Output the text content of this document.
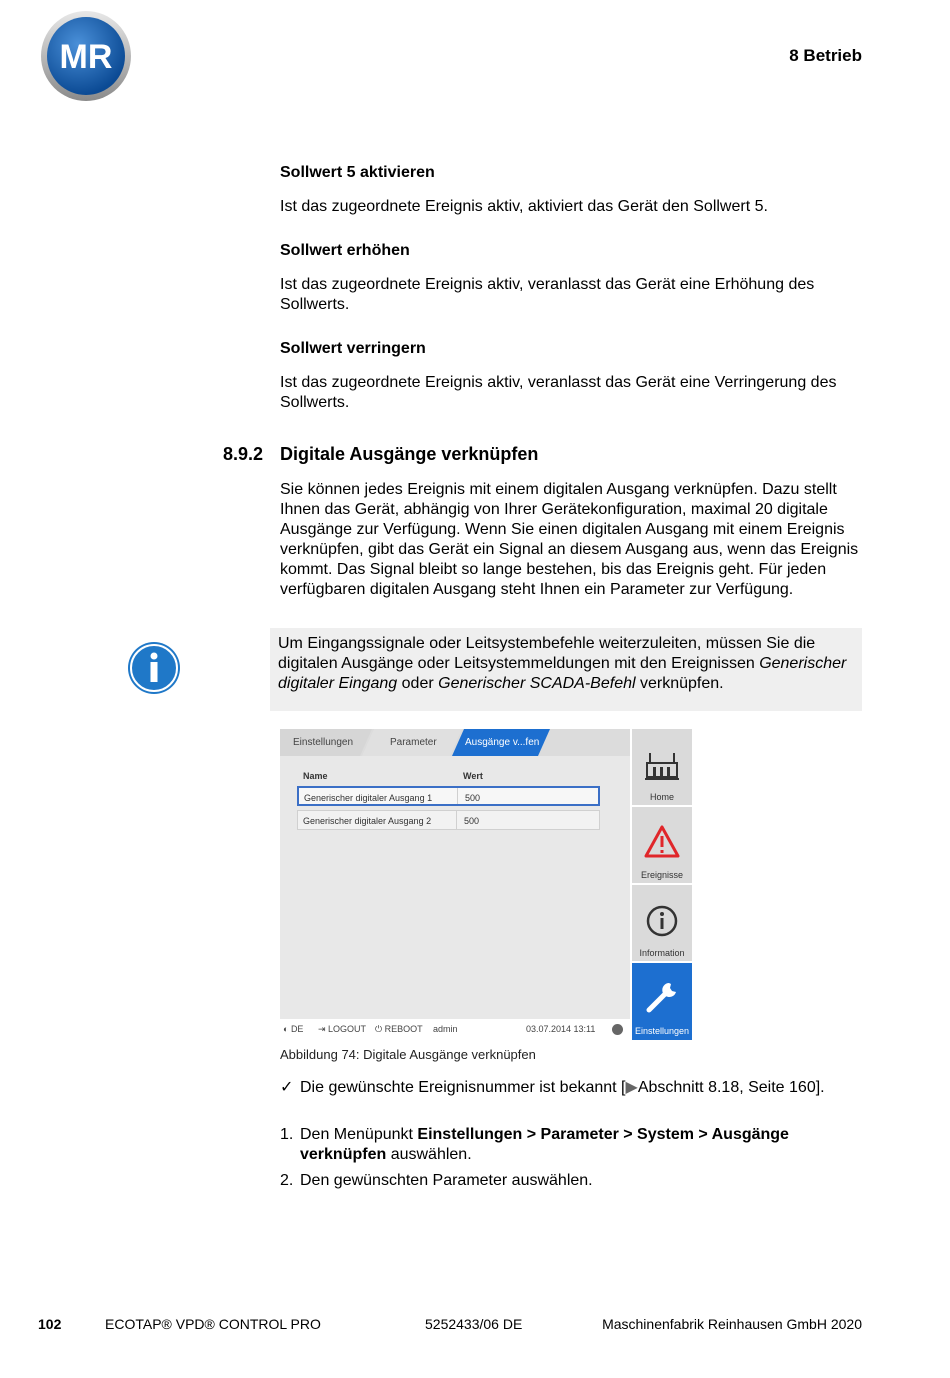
MR	8 Betrieb
Sollwert 5 aktivieren
Ist das zugeordnete Ereignis aktiv, aktiviert das Gerät den Sollwert 5.
Sollwert erhöhen
Ist das zugeordnete Ereignis aktiv, veranlasst das Gerät eine Erhöhung des Sollwerts.
Sollwert verringern
Ist das zugeordnete Ereignis aktiv, veranlasst das Gerät eine Verringerung des Sollwerts.
8.9.2 Digitale Ausgänge verknüpfen
Sie können jedes Ereignis mit einem digitalen Ausgang verknüpfen. Dazu stellt Ihnen das Gerät, abhängig von Ihrer Gerätekonfiguration, maximal 20 digitale Ausgänge zur Verfügung. Wenn Sie einen digitalen Ausgang mit einem Ereignis verknüpfen, gibt das Gerät ein Signal an diesem Ausgang aus, wenn das Ereignis kommt. Das Signal bleibt so lange bestehen, bis das Ereignis geht. Für jeden verfügbaren digitalen Ausgang steht Ihnen ein Parameter zur Verfügung.

Um Eingangssignale oder Leitsystembefehle weiterzuleiten, müssen Sie die digitalen Ausgänge oder Leitsystemmeldungen mit den Ereignissen Generischer digitaler Eingang oder Generischer SCADA-Befehl verknüpfen.

Einstellungen	Parameter	Ausgänge v...fen
Name	Wert
Generischer digitaler Ausgang 1	500
Generischer digitaler Ausgang 2	500
Home
Ereignisse
Information
Einstellungen
◐ DE ⇥ LOGOUT ⏻ REBOOT admin	03.07.2014 13:11
Abbildung 74: Digitale Ausgänge verknüpfen
✓ Die gewünschte Ereignisnummer ist bekannt [▶Abschnitt 8.18, Seite 160].
1. Den Menüpunkt Einstellungen > Parameter > System > Ausgänge verknüpfen auswählen.
2. Den gewünschten Parameter auswählen.
102	ECOTAP® VPD® CONTROL PRO	5252433/06 DE	Maschinenfabrik Reinhausen GmbH 2020
